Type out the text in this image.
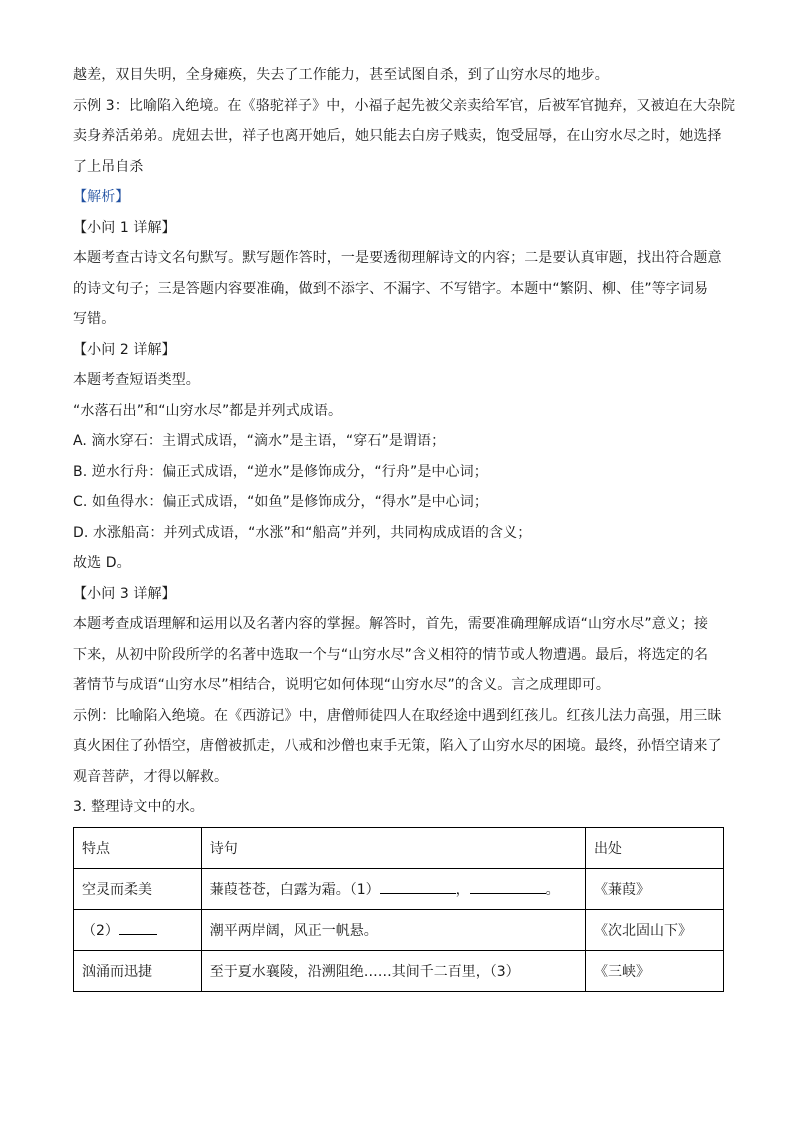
越差，双目失明，全身瘫痪，失去了工作能力，甚至试图自杀，到了山穷水尽的地步。
示例 3：比喻陷入绝境。在《骆驼祥子》中，小福子起先被父亲卖给军官，后被军官抛弃，又被迫在大杂院
卖身养活弟弟。虎妞去世，祥子也离开她后，她只能去白房子贱卖，饱受屈辱，在山穷水尽之时，她选择
了上吊自杀
【解析】
【小问 1 详解】
本题考查古诗文名句默写。默写题作答时，一是要透彻理解诗文的内容；二是要认真审题，找出符合题意
的诗文句子；三是答题内容要准确，做到不添字、不漏字、不写错字。本题中“繁阴、柳、佳”等字词易
写错。
【小问 2 详解】
本题考查短语类型。
“水落石出”和“山穷水尽”都是并列式成语。
A. 滴水穿石：主谓式成语，“滴水”是主语，“穿石”是谓语；
B. 逆水行舟：偏正式成语，“逆水”是修饰成分，“行舟”是中心词；
C. 如鱼得水：偏正式成语，“如鱼”是修饰成分，“得水”是中心词；
D. 水涨船高：并列式成语，“水涨”和“船高”并列，共同构成成语的含义；
故选 D。
【小问 3 详解】
本题考查成语理解和运用以及名著内容的掌握。解答时，首先，需要准确理解成语“山穷水尽”意义；接
下来，从初中阶段所学的名著中选取一个与“山穷水尽”含义相符的情节或人物遭遇。最后，将选定的名
著情节与成语“山穷水尽”相结合，说明它如何体现“山穷水尽”的含义。言之成理即可。
示例：比喻陷入绝境。在《西游记》中，唐僧师徒四人在取经途中遇到红孩儿。红孩儿法力高强，用三昧
真火困住了孙悟空，唐僧被抓走，八戒和沙僧也束手无策，陷入了山穷水尽的困境。最终，孙悟空请来了
观音菩萨，才得以解救。
3. 整理诗文中的水。
特点	诗句	出处
空灵而柔美	蒹葭苍苍，白露为霜。（1） ， 。	《蒹葭》
（2）	潮平两岸阔，风正一帆悬。	《次北固山下》
汹涌而迅捷	至于夏水襄陵，沿溯阻绝……其间千二百里，（3）	《三峡》
